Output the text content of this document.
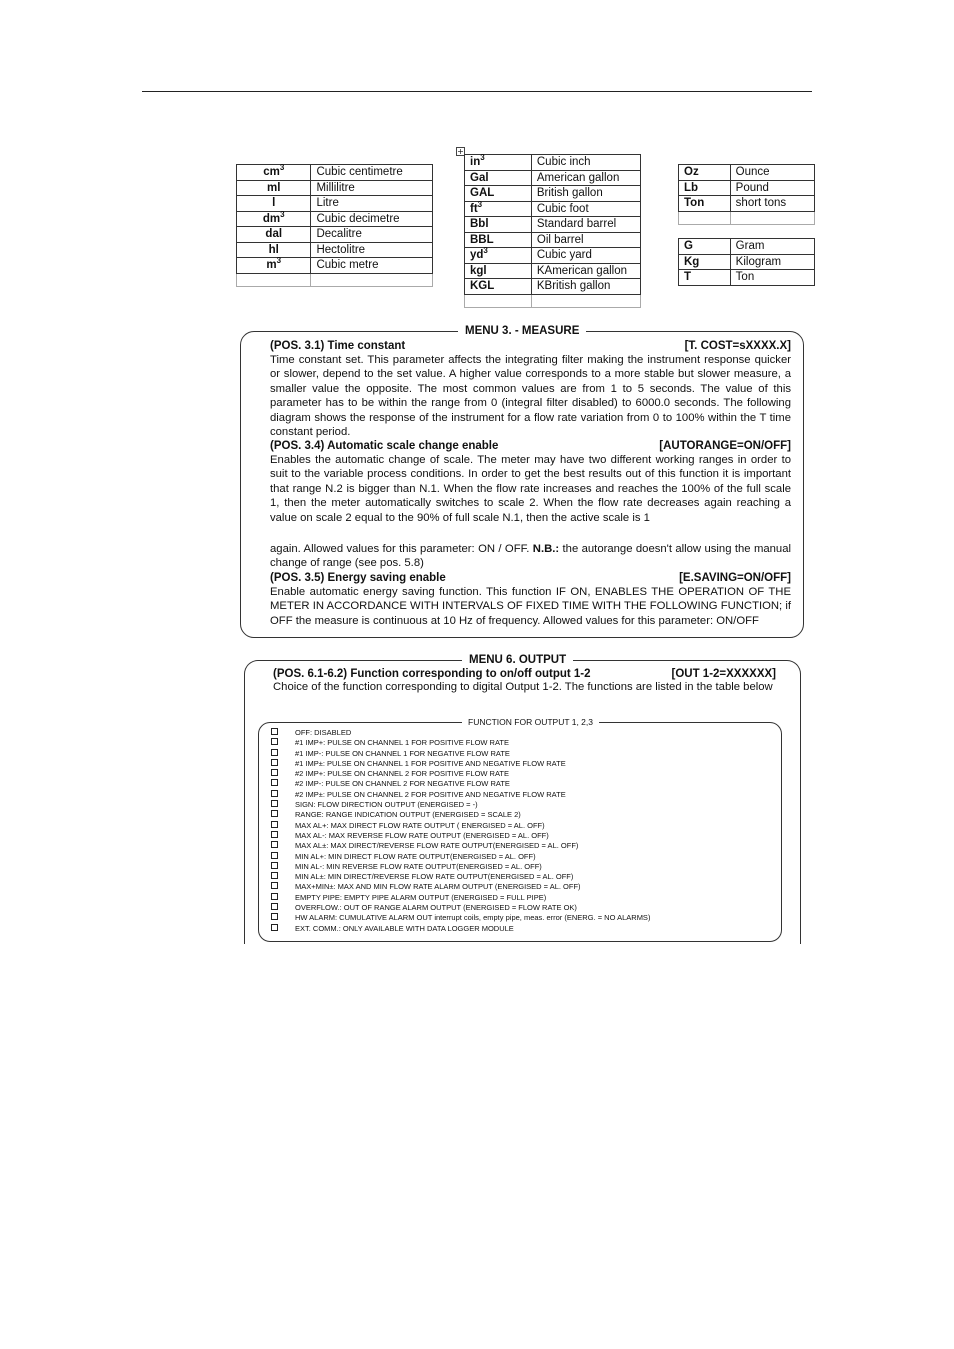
$cm^3$	Cubic centimetre
ml	Millilitre
l	Litre
$dm^3$	Cubic decimetre
dal	Decalitre
hl	Hectolitre
$m^3$	Cubic metre

+
$in^3$	Cubic inch
Gal	American gallon
GAL	British gallon
$ft^3$	Cubic foot
Bbl	Standard barrel
BBL	Oil barrel
$yd^3$	Cubic yard
kgl	KAmerican gallon
KGL	KBritish gallon

Oz	Ounce
Lb	Pound
Ton	short tons

G	Gram
Kg	Kilogram
T	Ton
MENU 3. - MEASURE
(POS. 3.1) Time constant	[T. COST=sXXXX.X]
Time constant set. This parameter affects the integrating filter making the instrument response quicker or slower, depend to the set value. A higher value corresponds to a more stable but slower measure, a smaller value the opposite. The most common values are from 1 to 5 seconds. The value of this parameter has to be within the range from 0 (integral filter disabled) to 6000.0 seconds. The following diagram shows the response of the instrument for a flow rate variation from 0 to 100% within the T time constant period.
(POS. 3.4) Automatic scale change enable	[AUTORANGE=ON/OFF]
Enables the automatic change of scale. The meter may have two different working ranges in order to suit to the variable process conditions. In order to get the best results out of this function it is important that range N.2 is bigger than N.1. When the flow rate increases and reaches the 100% of the full scale 1, then the meter automatically switches to scale 2. When the flow rate decreases again reaching a value on scale 2 equal to the 90% of full scale N.1, then the active scale is 1
again. Allowed values for this parameter: ON / OFF. N.B.: the autorange doesn't allow using the manual change of range (see pos. 5.8)
(POS. 3.5) Energy saving enable	[E.SAVING=ON/OFF]
Enable automatic energy saving function. This function IF ON, ENABLES THE OPERATION OF THE METER IN ACCORDANCE WITH INTERVALS OF FIXED TIME WITH THE FOLLOWING FUNCTION; if OFF the measure is continuous at 10 Hz of frequency. Allowed values for this parameter: ON/OFF
MENU 6. OUTPUT
(POS. 6.1-6.2) Function corresponding to on/off output 1-2	[OUT 1-2=XXXXXX]
Choice of the function corresponding to digital Output 1-2. The functions are listed in the table below
FUNCTION FOR OUTPUT 1, 2,3
OFF: DISABLED
#1 IMP+: PULSE ON CHANNEL 1 FOR POSITIVE FLOW RATE
#1 IMP-: PULSE ON CHANNEL 1 FOR NEGATIVE FLOW RATE
#1 IMP±: PULSE ON CHANNEL 1 FOR POSITIVE AND NEGATIVE FLOW RATE
#2 IMP+: PULSE ON CHANNEL 2 FOR POSITIVE FLOW RATE
#2 IMP-: PULSE ON CHANNEL 2 FOR NEGATIVE FLOW RATE
#2 IMP±: PULSE ON CHANNEL 2 FOR POSITIVE AND NEGATIVE FLOW RATE
SIGN: FLOW DIRECTION OUTPUT (ENERGISED = -)
RANGE: RANGE INDICATION OUTPUT (ENERGISED = SCALE 2)
MAX AL+: MAX DIRECT FLOW RATE OUTPUT ( ENERGISED = AL. OFF)
MAX AL-: MAX REVERSE FLOW RATE OUTPUT (ENERGISED = AL. OFF)
MAX AL±: MAX DIRECT/REVERSE FLOW RATE OUTPUT(ENERGISED = AL. OFF)
MIN AL+: MIN DIRECT FLOW RATE OUTPUT(ENERGISED = AL. OFF)
MIN AL-: MIN REVERSE FLOW RATE OUTPUT(ENERGISED = AL. OFF)
MIN AL±: MIN DIRECT/REVERSE FLOW RATE OUTPUT(ENERGISED = AL. OFF)
MAX+MIN±: MAX AND MIN FLOW RATE ALARM OUTPUT (ENERGISED = AL. OFF)
EMPTY PIPE: EMPTY PIPE ALARM OUTPUT (ENERGISED = FULL PIPE)
OVERFLOW.: OUT OF RANGE ALARM OUTPUT (ENERGISED = FLOW RATE OK)
HW ALARM: CUMULATIVE ALARM OUT interrupt coils, empty pipe, meas. error (ENERG. = NO ALARMS)
EXT. COMM.: ONLY AVAILABLE WITH DATA LOGGER MODULE
